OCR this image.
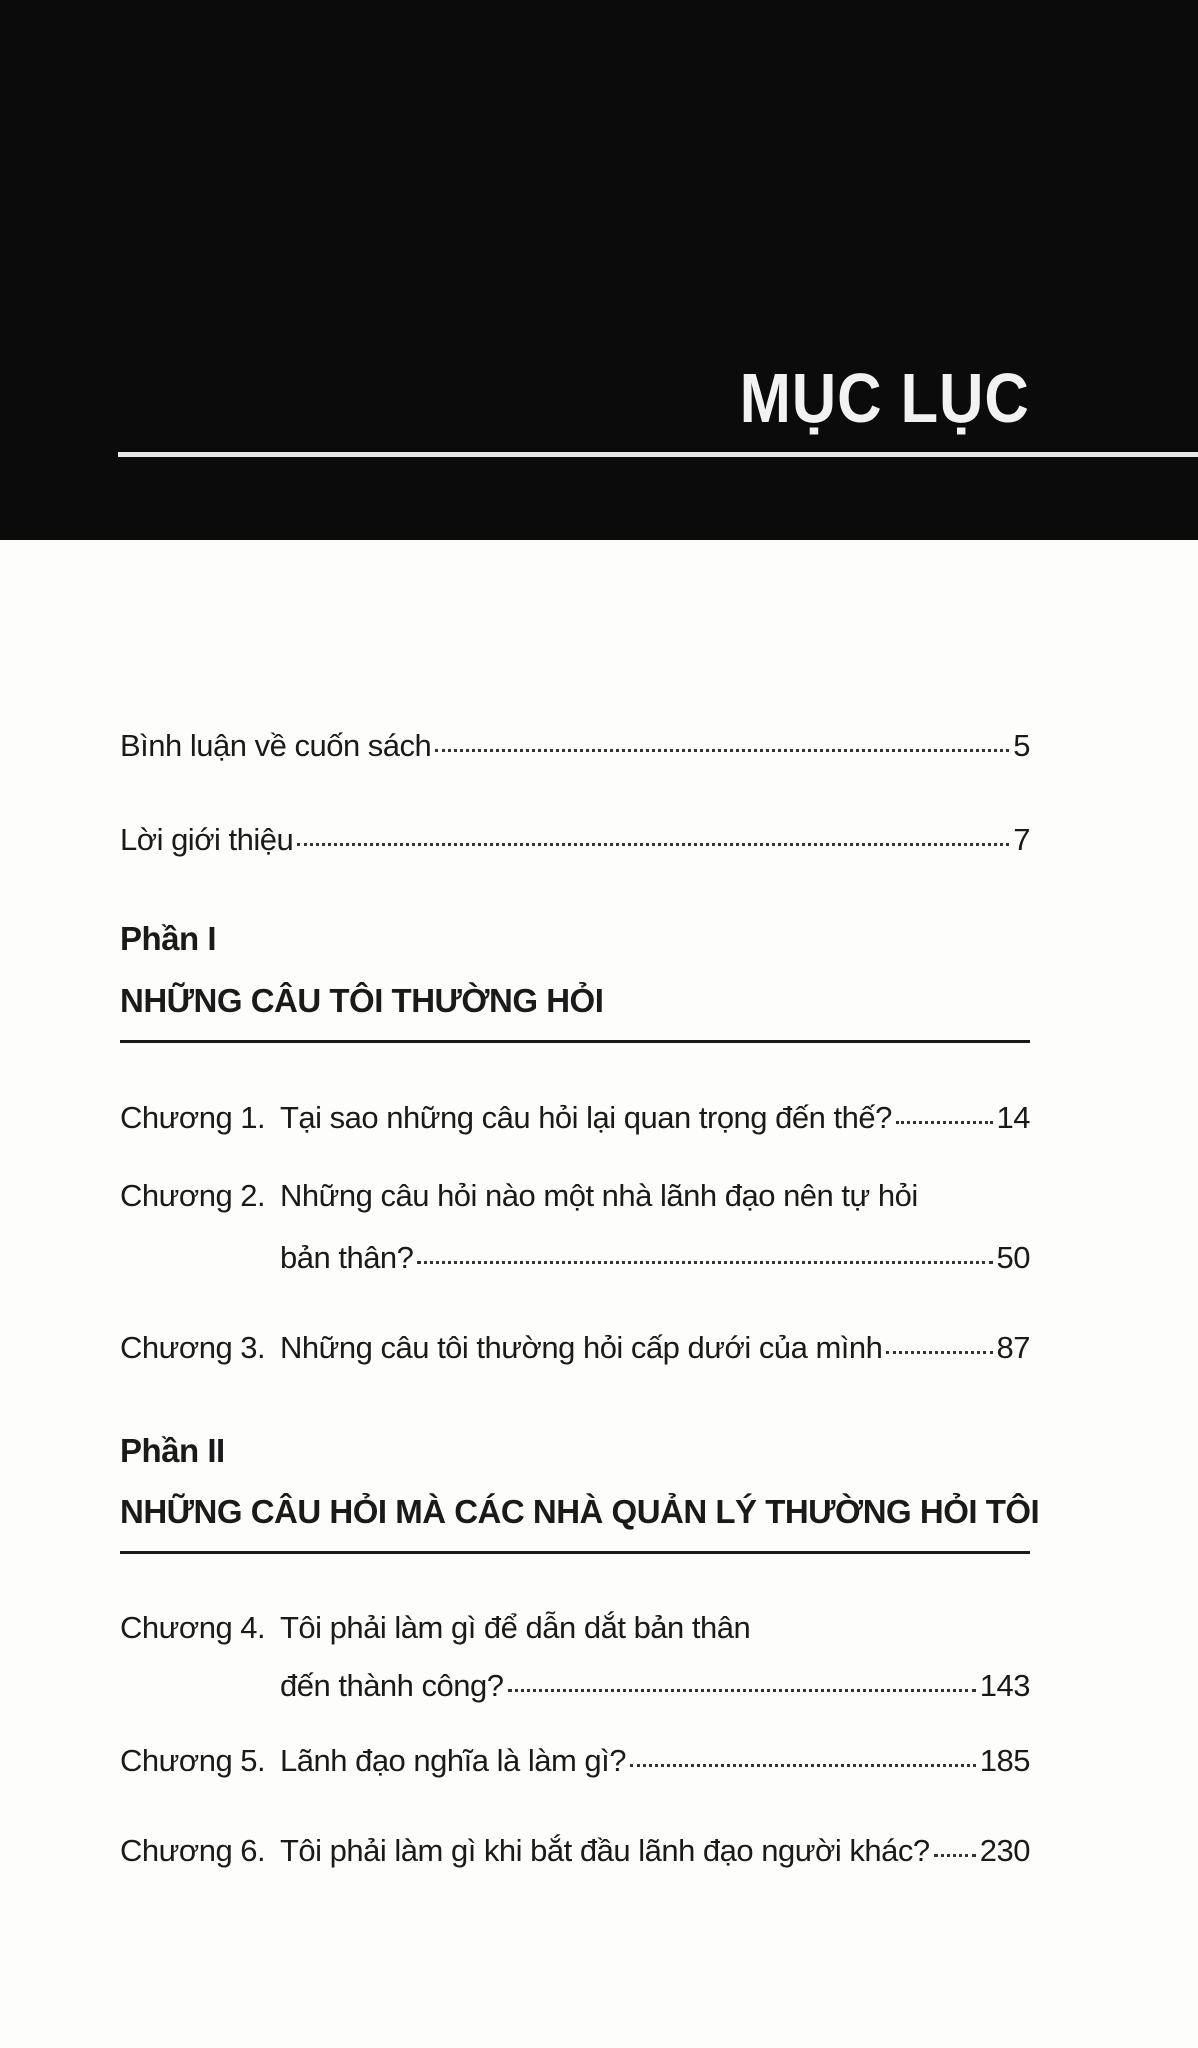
MỤC LỤC
Bình luận về cuốn sách	5
Lời giới thiệu	7
Phần I
NHỮNG CÂU TÔI THƯỜNG HỎI
Chương 1. Tại sao những câu hỏi lại quan trọng đến thế?	14
Chương 2. Những câu hỏi nào một nhà lãnh đạo nên tự hỏi
bản thân?	50
Chương 3. Những câu tôi thường hỏi cấp dưới của mình	87
Phần II
NHỮNG CÂU HỎI MÀ CÁC NHÀ QUẢN LÝ THƯỜNG HỎI TÔI
Chương 4. Tôi phải làm gì để dẫn dắt bản thân
đến thành công?	143
Chương 5. Lãnh đạo nghĩa là làm gì?	185
Chương 6. Tôi phải làm gì khi bắt đầu lãnh đạo người khác? 230
